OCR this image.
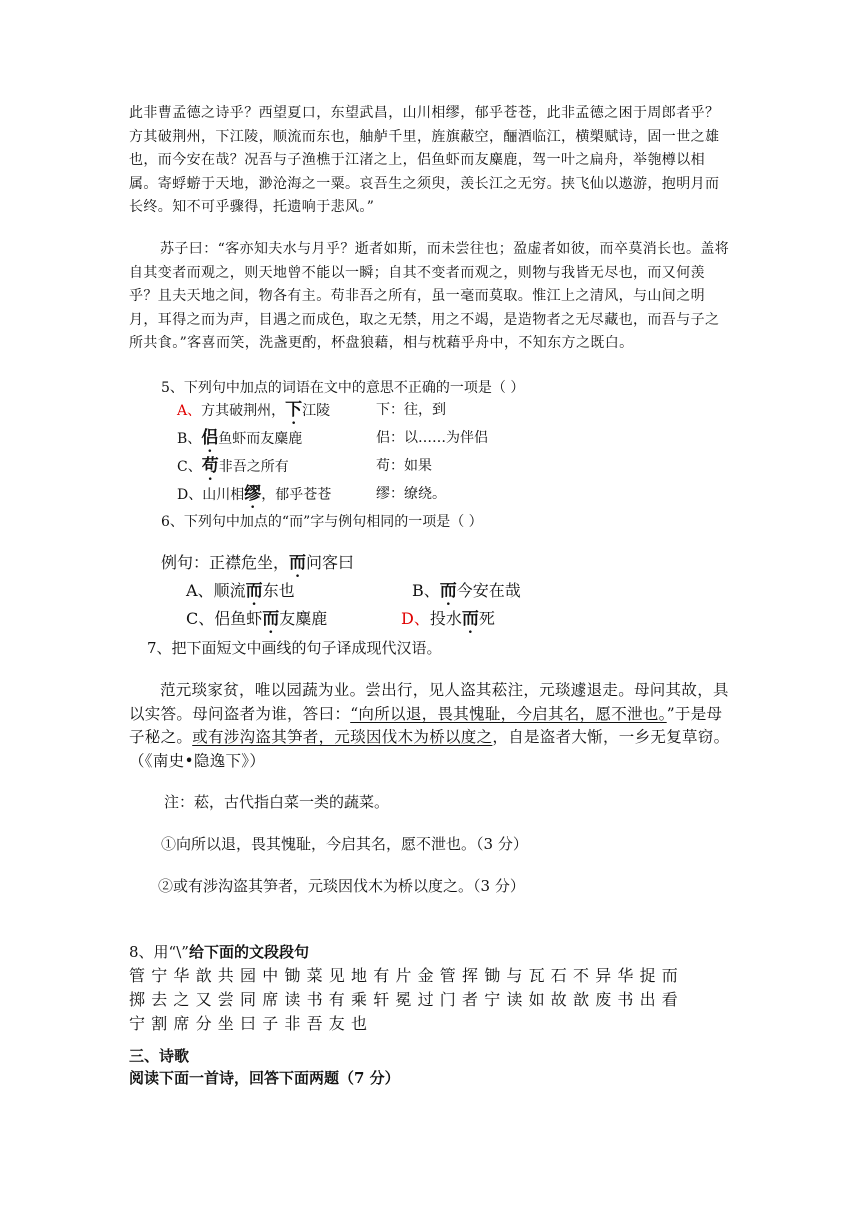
此非曹孟德之诗乎？西望夏口，东望武昌，山川相缪，郁乎苍苍，此非孟德之困于周郎者乎？方其破荆州，下江陵，顺流而东也，舳舻千里，旌旗蔽空，酾酒临江，横槊赋诗，固一世之雄也，而今安在哉？况吾与子渔樵于江渚之上，侣鱼虾而友麋鹿，驾一叶之扁舟，举匏樽以相属。寄蜉蝣于天地，渺沧海之一粟。哀吾生之须臾，羡长江之无穷。挟飞仙以遨游，抱明月而长终。知不可乎骤得，托遗响于悲风。”
苏子曰：“客亦知夫水与月乎？逝者如斯，而未尝往也；盈虚者如彼，而卒莫消长也。盖将自其变者而观之，则天地曾不能以一瞬；自其不变者而观之，则物与我皆无尽也，而又何羡乎？且夫天地之间，物各有主。苟非吾之所有，虽一毫而莫取。惟江上之清风，与山间之明月，耳得之而为声，目遇之而成色，取之无禁，用之不竭，是造物者之无尽藏也，而吾与子之所共食。”客喜而笑，洗盏更酌，杯盘狼藉，相与枕藉乎舟中，不知东方之既白。
5、下列句中加点的词语在文中的意思不正确的一项是（ ）
A、方其破荆州，下江陵	下：往，到
B、侣鱼虾而友麋鹿	侣：以……为伴侣
C、苟非吾之所有	苟：如果
D、山川相缪，郁乎苍苍	缪：缭绕。
6、下列句中加点的“而”字与例句相同的一项是（ ）
例句：正襟危坐，而问客曰
A、顺流而东也	B、而今安在哉
C、侣鱼虾而友麋鹿	D、投水而死
7、把下面短文中画线的句子译成现代汉语。
范元琰家贫，唯以园蔬为业。尝出行，见人盗其菘注，元琰遽退走。母问其故，具以实答。母问盗者为谁，答曰：“向所以退，畏其愧耻，今启其名，愿不泄也。”于是母子秘之。或有涉沟盗其笋者，元琰因伐木为桥以度之，自是盗者大惭，一乡无复草窃。（《南史•隐逸下》）
注：菘，古代指白菜一类的蔬菜。
①向所以退，畏其愧耻，今启其名，愿不泄也。（3 分）
②或有涉沟盗其笋者，元琰因伐木为桥以度之。（3 分）
8、用“\”给下面的文段段句
管宁华歆共园中锄菜见地有片金管挥锄与瓦石不异华捉而
掷去之又尝同席读书有乘轩冕过门者宁读如故歆废书出看
宁割席分坐曰子非吾友也
三、诗歌
阅读下面一首诗，回答下面两题（7 分）
